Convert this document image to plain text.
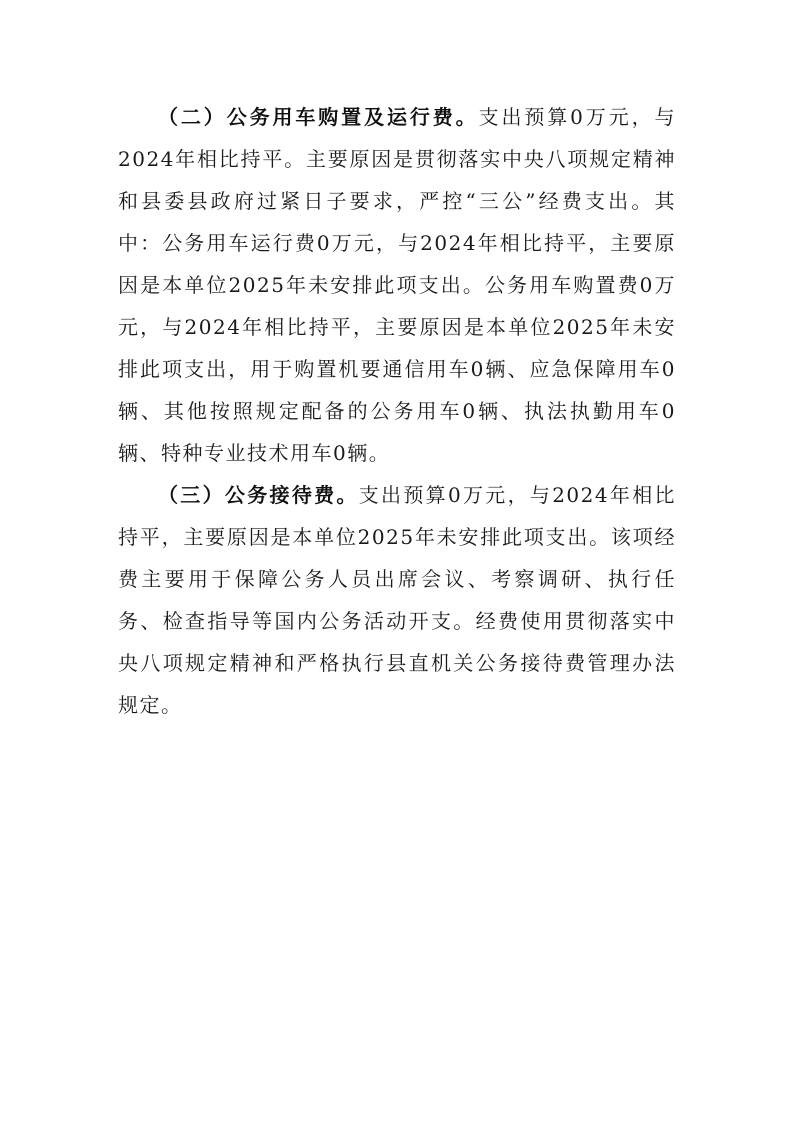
（二）公务用车购置及运行费。支出预算0万元，与2024年相比持平。主要原因是贯彻落实中央八项规定精神和县委县政府过紧日子要求，严控“三公”经费支出。其中：公务用车运行费0万元，与2024年相比持平，主要原因是本单位2025年未安排此项支出。公务用车购置费0万元，与2024年相比持平，主要原因是本单位2025年未安排此项支出，用于购置机要通信用车0辆、应急保障用车0辆、其他按照规定配备的公务用车0辆、执法执勤用车0辆、特种专业技术用车0辆。

（三）公务接待费。支出预算0万元，与2024年相比持平，主要原因是本单位2025年未安排此项支出。该项经费主要用于保障公务人员出席会议、考察调研、执行任务、检查指导等国内公务活动开支。经费使用贯彻落实中央八项规定精神和严格执行县直机关公务接待费管理办法规定。
